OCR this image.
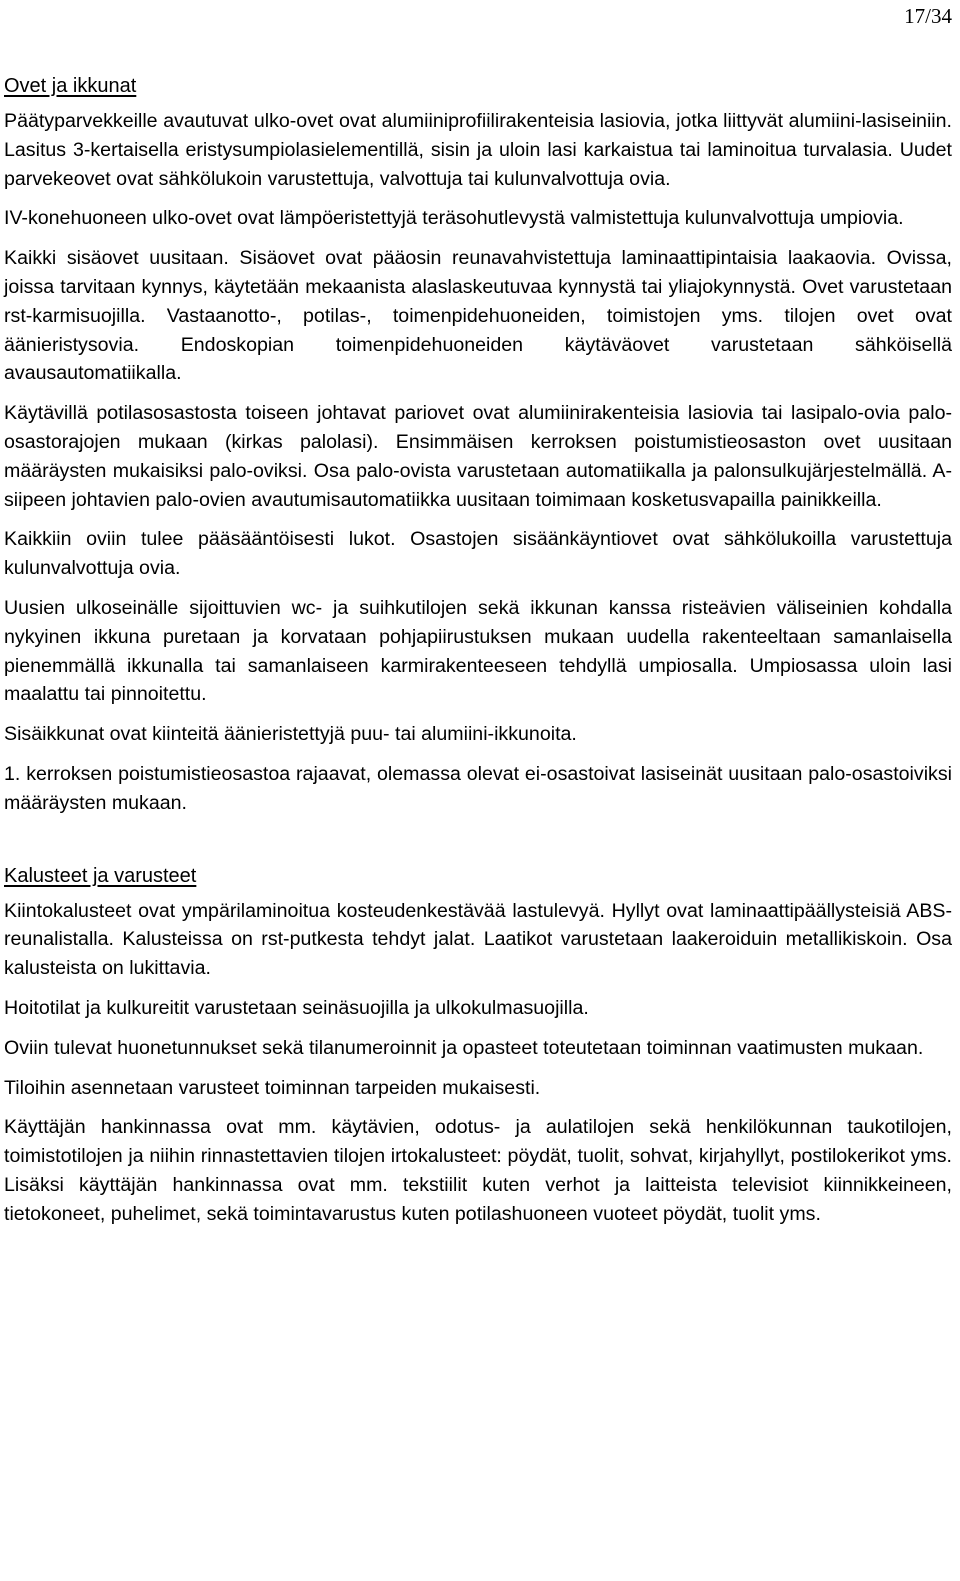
17/34
Ovet ja ikkunat

Päätyparvekkeille avautuvat ulko-ovet ovat alumiiniprofiilirakenteisia lasiovia, jotka liittyvät alumiini-lasiseiniin. Lasitus 3-kertaisella eristysumpiolasielementillä, sisin ja uloin lasi karkaistua tai laminoitua turvalasia. Uudet parvekeovet ovat sähkölukoin varustettuja, valvottuja tai kulunvalvottuja ovia.

IV-konehuoneen ulko-ovet ovat lämpöeristettyjä teräsohutlevystä valmistettuja kulunvalvottuja umpiovia.

Kaikki sisäovet uusitaan. Sisäovet ovat pääosin reunavahvistettuja laminaattipintaisia laakaovia. Ovissa, joissa tarvitaan kynnys, käytetään mekaanista alaslaskeutuvaa kynnystä tai yliajokynnystä. Ovet varustetaan rst-karmisuojilla. Vastaanotto-, potilas-, toimenpidehuoneiden, toimistojen yms. tilojen ovet ovat äänieristysovia. Endoskopian toimenpidehuoneiden käytäväovet varustetaan sähköisellä avausautomatiikalla.

Käytävillä potilasosastosta toiseen johtavat pariovet ovat alumiinirakenteisia lasiovia tai lasipalo-ovia palo-osastorajojen mukaan (kirkas palolasi). Ensimmäisen kerroksen poistumistieosaston ovet uusitaan määräysten mukaisiksi palo-oviksi. Osa palo-ovista varustetaan automatiikalla ja palonsulkujärjestelmällä. A-siipeen johtavien palo-ovien avautumisautomatiikka uusitaan toimimaan kosketusvapailla painikkeilla.

Kaikkiin oviin tulee pääsääntöisesti lukot. Osastojen sisäänkäyntiovet ovat sähkölukoilla varustettuja kulunvalvottuja ovia.

Uusien ulkoseinälle sijoittuvien wc- ja suihkutilojen sekä ikkunan kanssa risteävien väliseinien kohdalla nykyinen ikkuna puretaan ja korvataan pohjapiirustuksen mukaan uudella rakenteeltaan samanlaisella pienemmällä ikkunalla tai samanlaiseen karmirakenteeseen tehdyllä umpiosalla. Umpiosassa uloin lasi maalattu tai pinnoitettu.

Sisäikkunat ovat kiinteitä äänieristettyjä puu- tai alumiini-ikkunoita.

1. kerroksen poistumistieosastoa rajaavat, olemassa olevat ei-osastoivat lasiseinät uusitaan palo-osastoiviksi määräysten mukaan.

Kalusteet ja varusteet

Kiintokalusteet ovat ympärilaminoitua kosteudenkestävää lastulevyä. Hyllyt ovat laminaattipäällysteisiä ABS-reunalistalla. Kalusteissa on rst-putkesta tehdyt jalat. Laatikot varustetaan laakeroiduin metallikiskoin. Osa kalusteista on lukittavia.

Hoitotilat ja kulkureitit varustetaan seinäsuojilla ja ulkokulmasuojilla.

Oviin tulevat huonetunnukset sekä tilanumeroinnit ja opasteet toteutetaan toiminnan vaatimusten mukaan.

Tiloihin asennetaan varusteet toiminnan tarpeiden mukaisesti.

Käyttäjän hankinnassa ovat mm. käytävien, odotus- ja aulatilojen sekä henkilökunnan taukotilojen, toimistotilojen ja niihin rinnastettavien tilojen irtokalusteet: pöydät, tuolit, sohvat, kirjahyllyt, postilokerikot yms. Lisäksi käyttäjän hankinnassa ovat mm. tekstiilit kuten verhot ja laitteista televisiot kiinnikkeineen, tietokoneet, puhelimet, sekä toimintavarustus kuten potilashuoneen vuoteet pöydät, tuolit yms.
